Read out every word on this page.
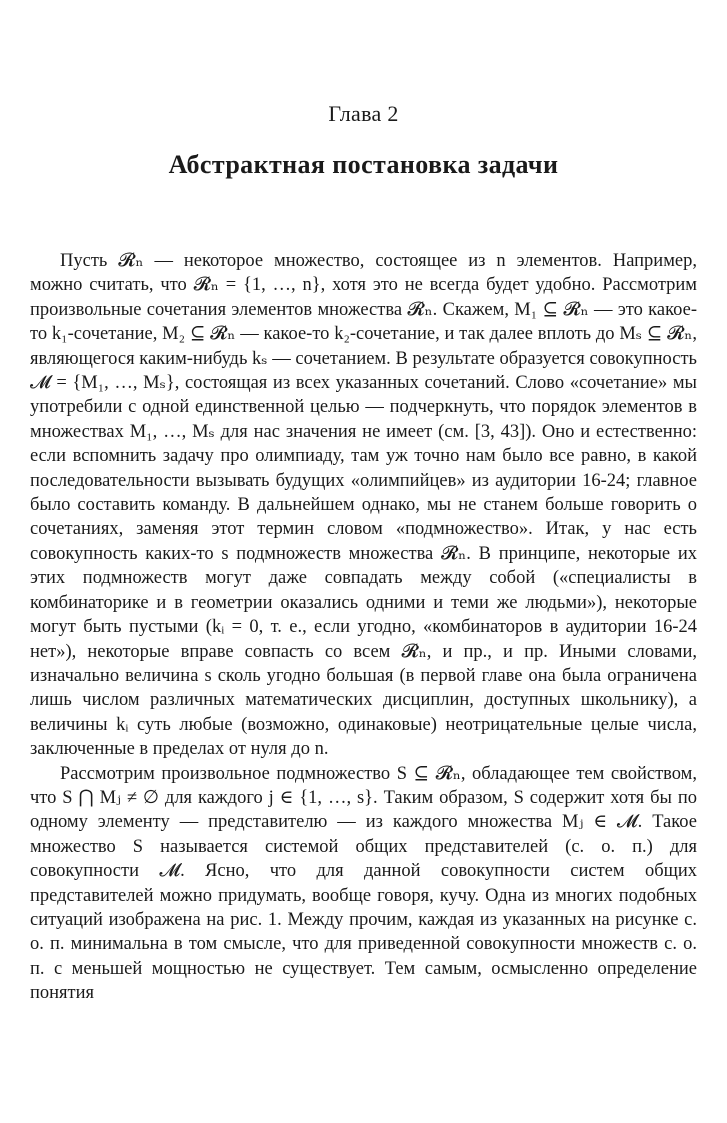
Глава 2
Абстрактная постановка задачи

Пусть 𝓡ₙ — некоторое множество, состоящее из n элементов. Например, можно считать, что 𝓡ₙ = {1, …, n}, хотя это не всегда будет удобно. Рассмотрим произвольные сочетания элементов множества 𝓡ₙ. Скажем, M₁ ⊆ 𝓡ₙ — это какое-то k₁-сочетание, M₂ ⊆ 𝓡ₙ — какое-то k₂-сочетание, и так далее вплоть до Mₛ ⊆ 𝓡ₙ, являющегося каким-нибудь kₛ — сочетанием. В результате образуется совокупность 𝓜 = {M₁, …, Mₛ}, состоящая из всех указанных сочетаний. Слово «сочетание» мы употребили с одной единственной целью — подчеркнуть, что порядок элементов в множествах M₁, …, Mₛ для нас значения не имеет (см. [3, 43]). Оно и естественно: если вспомнить задачу про олимпиаду, там уж точно нам было все равно, в какой последовательности вызывать будущих «олимпийцев» из аудитории 16-24; главное было составить команду. В дальнейшем однако, мы не станем больше говорить о сочетаниях, заменяя этот термин словом «подмножество». Итак, у нас есть совокупность каких-то s подмножеств множества 𝓡ₙ. В принципе, некоторые их этих подмножеств могут даже совпадать между собой («специалисты в комбинаторике и в геометрии оказались одними и теми же людьми»), некоторые могут быть пустыми (kᵢ = 0, т. е., если угодно, «комбинаторов в аудитории 16-24 нет»), некоторые вправе совпасть со всем 𝓡ₙ, и пр., и пр. Иными словами, изначально величина s сколь угодно большая (в первой главе она была ограничена лишь числом различных математических дисциплин, доступных школьнику), а величины kᵢ суть любые (возможно, одинаковые) неотрицательные целые числа, заключенные в пределах от нуля до n.

Рассмотрим произвольное подмножество S ⊆ 𝓡ₙ, обладающее тем свойством, что S ⋂ Mⱼ ≠ ∅ для каждого j ∈ {1, …, s}. Таким образом, S содержит хотя бы по одному элементу — представителю — из каждого множества Mⱼ ∈ 𝓜. Такое множество S называется системой общих представителей (с. о. п.) для совокупности 𝓜. Ясно, что для данной совокупности систем общих представителей можно придумать, вообще говоря, кучу. Одна из многих подобных ситуаций изображена на рис. 1. Между прочим, каждая из указанных на рисунке с. о. п. минимальна в том смысле, что для приведенной совокупности множеств с. о. п. с меньшей мощностью не существует. Тем самым, осмысленно определение понятия
